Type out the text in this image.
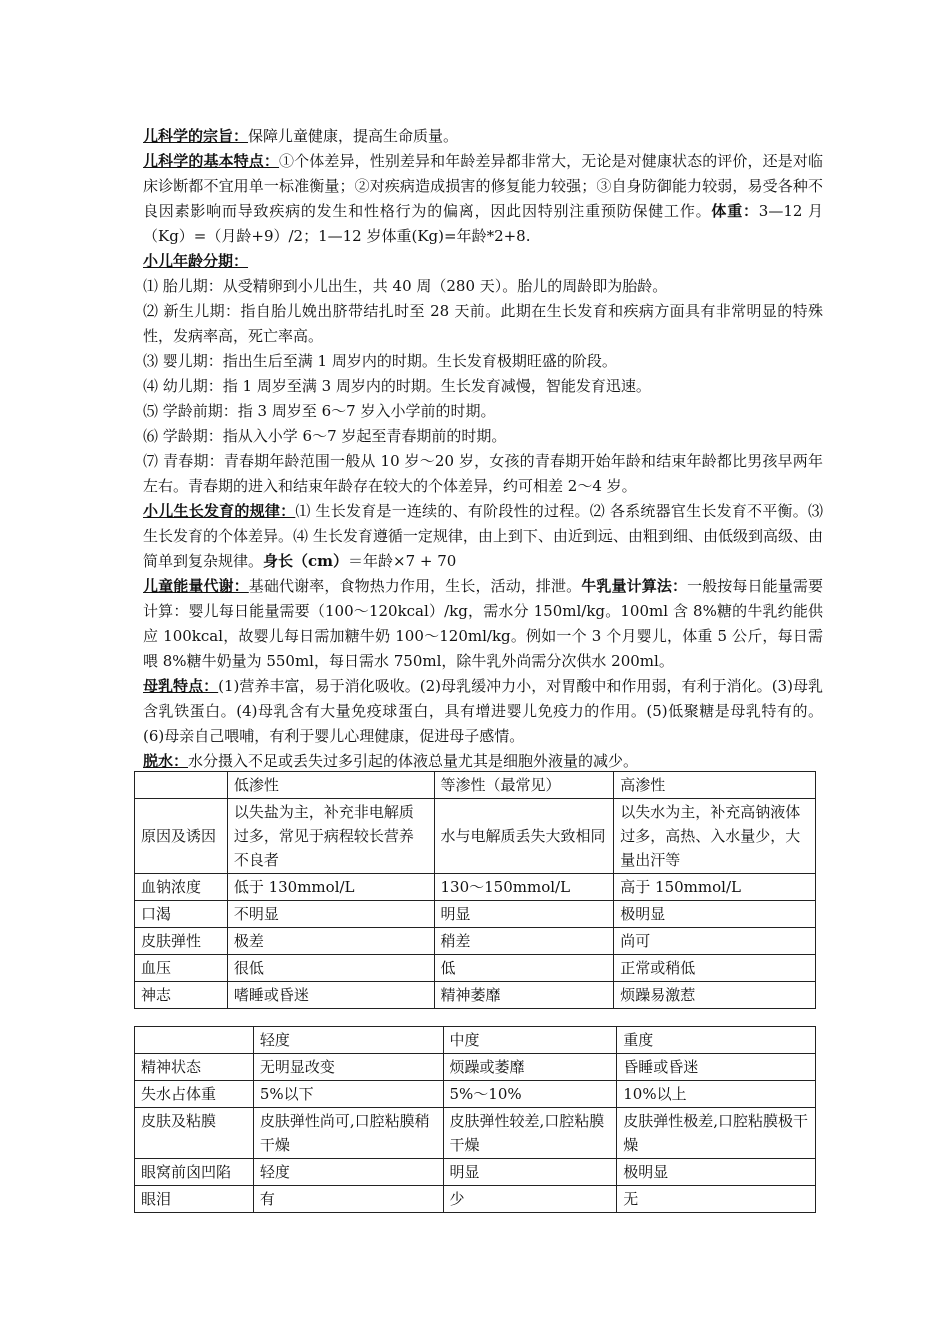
儿科学的宗旨：保障儿童健康，提高生命质量。

儿科学的基本特点：①个体差异，性别差异和年龄差异都非常大，无论是对健康状态的评价，还是对临床诊断都不宜用单一标准衡量；②对疾病造成损害的修复能力较强；③自身防御能力较弱，易受各种不良因素影响而导致疾病的发生和性格行为的偏离，因此因特别注重预防保健工作。体重：3—12 月（Kg）=（月龄+9）/2；1—12 岁体重(Kg)=年龄*2+8.

小儿年龄分期：

⑴ 胎儿期：从受精卵到小儿出生，共 40 周（280 天）。胎儿的周龄即为胎龄。

⑵ 新生儿期：指自胎儿娩出脐带结扎时至 28 天前。此期在生长发育和疾病方面具有非常明显的特殊性，发病率高，死亡率高。

⑶ 婴儿期：指出生后至满 1 周岁内的时期。生长发育极期旺盛的阶段。

⑷ 幼儿期：指 1 周岁至满 3 周岁内的时期。生长发育减慢，智能发育迅速。

⑸ 学龄前期：指 3 周岁至 6～7 岁入小学前的时期。

⑹ 学龄期：指从入小学 6～7 岁起至青春期前的时期。

⑺ 青春期：青春期年龄范围一般从 10 岁～20 岁，女孩的青春期开始年龄和结束年龄都比男孩早两年左右。青春期的进入和结束年龄存在较大的个体差异，约可相差 2～4 岁。

小儿生长发育的规律：⑴ 生长发育是一连续的、有阶段性的过程。⑵ 各系统器官生长发育不平衡。⑶ 生长发育的个体差异。⑷ 生长发育遵循一定规律，由上到下、由近到远、由粗到细、由低级到高级、由简单到复杂规律。身长（cm）＝年龄×7 + 70

儿童能量代谢：基础代谢率，食物热力作用，生长，活动，排泄。牛乳量计算法：一般按每日能量需要计算：婴儿每日能量需要（100～120kcal）/kg，需水分 150ml/kg。100ml 含 8%糖的牛乳约能供应 100kcal，故婴儿每日需加糖牛奶 100～120ml/kg。例如一个 3 个月婴儿，体重 5 公斤，每日需喂 8%糖牛奶量为 550ml，每日需水 750ml，除牛乳外尚需分次供水 200ml。

母乳特点：(1)营养丰富，易于消化吸收。(2)母乳缓冲力小，对胃酸中和作用弱，有利于消化。(3)母乳含乳铁蛋白。(4)母乳含有大量免疫球蛋白，具有增进婴儿免疫力的作用。(5)低聚糖是母乳特有的。 (6)母亲自己喂哺，有利于婴儿心理健康，促进母子感情。

脱水：水分摄入不足或丢失过多引起的体液总量尤其是细胞外液量的减少。

	低渗性	等渗性（最常见）	高渗性
原因及诱因	以失盐为主，补充非电解质过多，常见于病程较长营养不良者	水与电解质丢失大致相同	以失水为主，补充高钠液体过多，高热、入水量少，大量出汗等
血钠浓度	低于 130mmol/L	130～150mmol/L	高于 150mmol/L
口渴	不明显	明显	极明显
皮肤弹性	极差	稍差	尚可
血压	很低	低	正常或稍低
神志	嗜睡或昏迷	精神萎靡	烦躁易激惹
	轻度	中度	重度
精神状态	无明显改变	烦躁或萎靡	昏睡或昏迷
失水占体重	5%以下	5%～10%	10%以上
皮肤及粘膜	皮肤弹性尚可,口腔粘膜稍干燥	皮肤弹性较差,口腔粘膜干燥	皮肤弹性极差,口腔粘膜极干燥
眼窝前囟凹陷	轻度	明显	极明显
眼泪	有	少	无
